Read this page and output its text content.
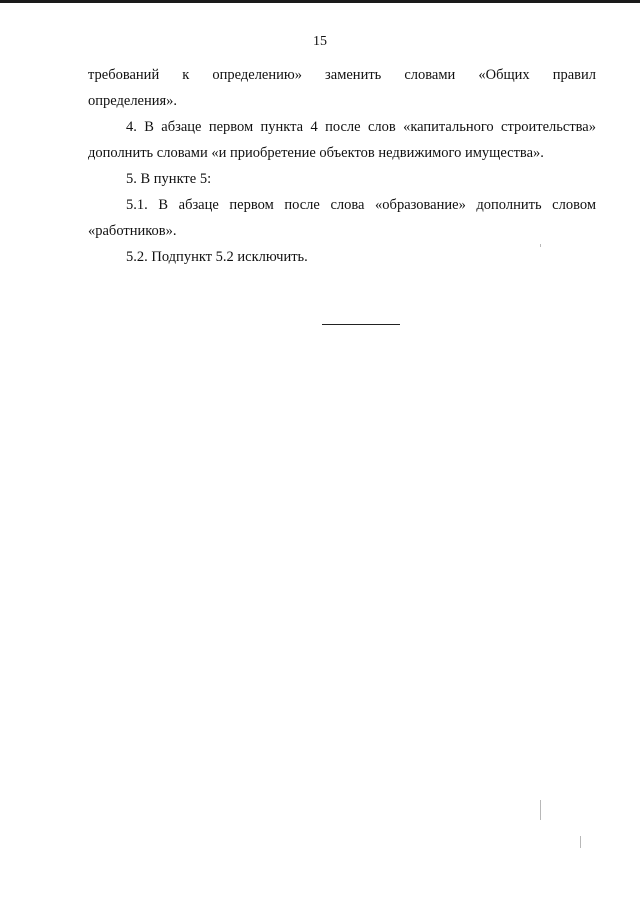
15
требований к определению» заменить словами «Общих правил
определения».
4. В абзаце первом пункта 4 после слов «капитального строительства»
дополнить словами «и приобретение объектов недвижимого имущества».
5. В пункте 5:
5.1. В абзаце первом после слова «образование» дополнить словом
«работников».
5.2. Подпункт 5.2 исключить.
